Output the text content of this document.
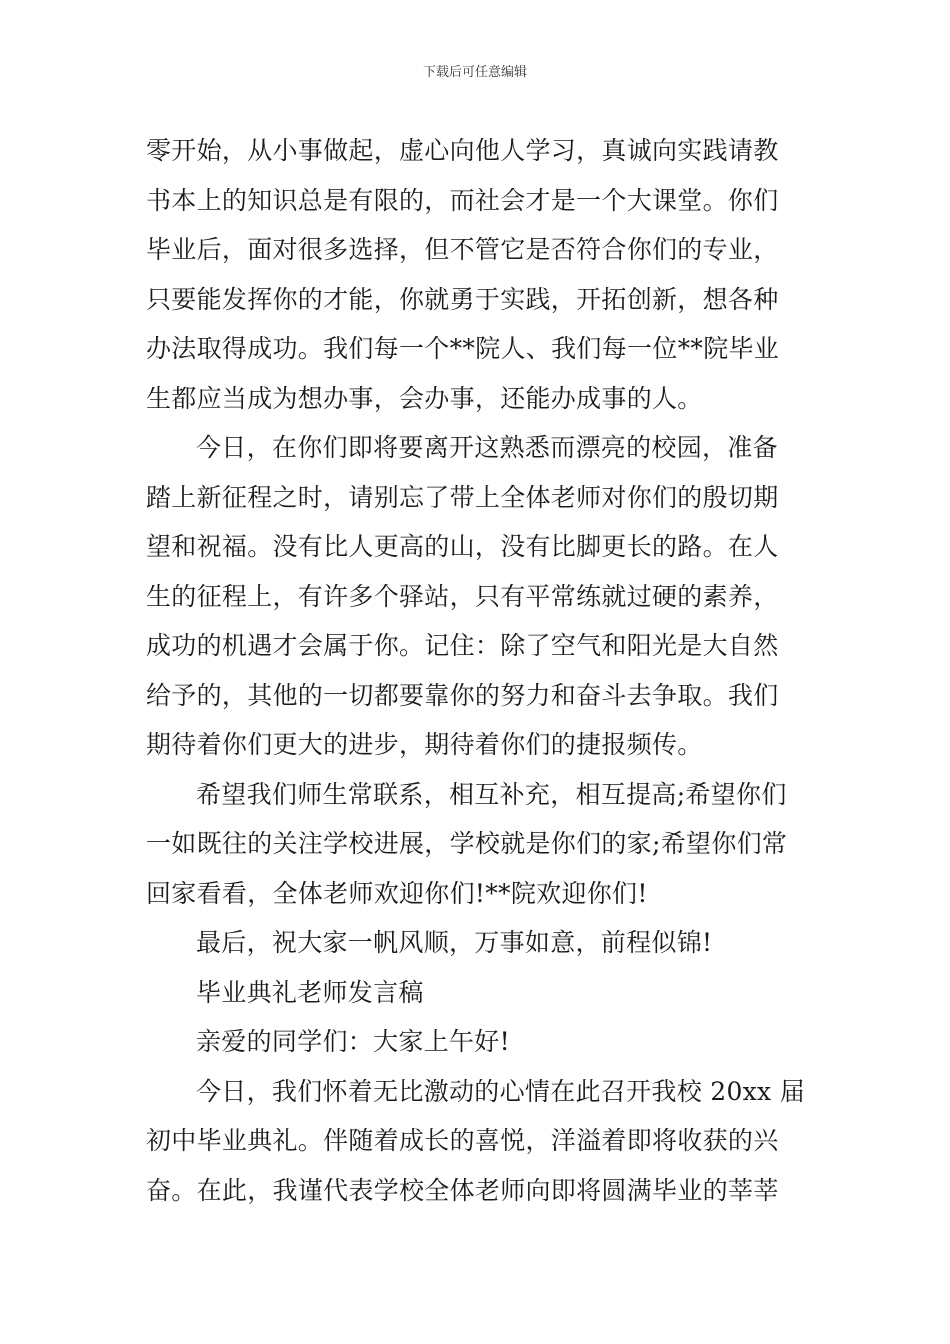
下载后可任意编辑
零开始，从小事做起，虚心向他人学习，真诚向实践请教
书本上的知识总是有限的，而社会才是一个大课堂。你们
毕业后，面对很多选择，但不管它是否符合你们的专业，
只要能发挥你的才能，你就勇于实践，开拓创新，想各种
办法取得成功。我们每一个**院人、我们每一位**院毕业
生都应当成为想办事，会办事，还能办成事的人。
今日，在你们即将要离开这熟悉而漂亮的校园，准备
踏上新征程之时，请别忘了带上全体老师对你们的殷切期
望和祝福。没有比人更高的山，没有比脚更长的路。在人
生的征程上，有许多个驿站，只有平常练就过硬的素养，
成功的机遇才会属于你。记住：除了空气和阳光是大自然
给予的，其他的一切都要靠你的努力和奋斗去争取。我们
期待着你们更大的进步，期待着你们的捷报频传。
希望我们师生常联系，相互补充，相互提高;希望你们
一如既往的关注学校进展，学校就是你们的家;希望你们常
回家看看，全体老师欢迎你们!**院欢迎你们!
最后，祝大家一帆风顺，万事如意，前程似锦!
毕业典礼老师发言稿
亲爱的同学们：大家上午好!
今日，我们怀着无比激动的心情在此召开我校 20xx 届
初中毕业典礼。伴随着成长的喜悦，洋溢着即将收获的兴
奋。在此，我谨代表学校全体老师向即将圆满毕业的莘莘
